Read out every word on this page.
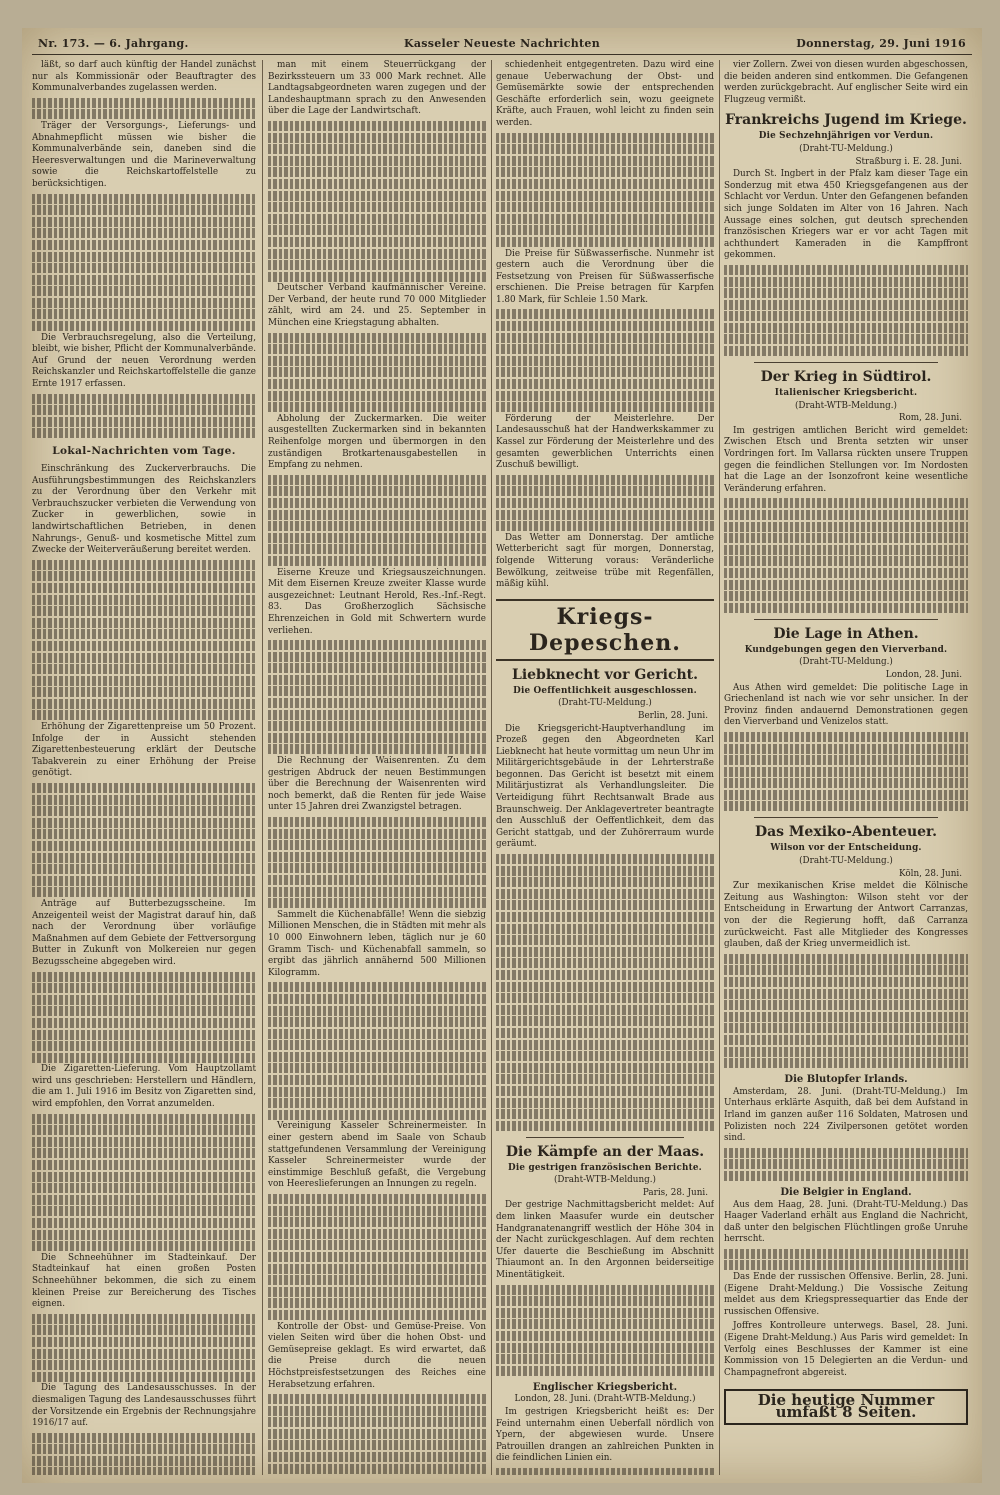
Nr. 173. — 6. Jahrgang.	Kasseler Neueste Nachrichten	Donnerstag, 29. Juni 1916

läßt, so darf auch künftig der Handel zunächst nur als Kommissionär oder Beauftragter des Kommunalverbandes zugelassen werden.

Träger der Versorgungs-, Lieferungs- und Abnahmepflicht müssen wie bisher die Kommunalverbände sein, daneben sind die Heeresverwaltungen und die Marineverwaltung sowie die Reichskartoffelstelle zu berücksichtigen.

Die Verbrauchsregelung, also die Verteilung, bleibt, wie bisher, Pflicht der Kommunalverbände. Auf Grund der neuen Verordnung werden Reichskanzler und Reichskartoffelstelle die ganze Ernte 1917 erfassen.

Lokal-Nachrichten vom Tage.

Einschränkung des Zuckerverbrauchs. Die Ausführungsbestimmungen des Reichskanzlers zu der Verordnung über den Verkehr mit Verbrauchszucker verbieten die Verwendung von Zucker in gewerblichen, sowie in landwirtschaftlichen Betrieben, in denen Nahrungs-, Genuß- und kosmetische Mittel zum Zwecke der Weiterveräußerung bereitet werden.

Erhöhung der Zigarettenpreise um 50 Prozent. Infolge der in Aussicht stehenden Zigarettenbesteuerung erklärt der Deutsche Tabakverein zu einer Erhöhung der Preise genötigt.

Anträge auf Butterbezugsscheine. Im Anzeigenteil weist der Magistrat darauf hin, daß nach der Verordnung über vorläufige Maßnahmen auf dem Gebiete der Fettversorgung Butter in Zukunft von Molkereien nur gegen Bezugsscheine abgegeben wird.

Die Zigaretten-Lieferung. Vom Hauptzollamt wird uns geschrieben: Herstellern und Händlern, die am 1. Juli 1916 im Besitz von Zigaretten sind, wird empfohlen, den Vorrat anzumelden.

Die Schneehühner im Stadteinkauf. Der Stadteinkauf hat einen großen Posten Schneehühner bekommen, die sich zu einem kleinen Preise zur Bereicherung des Tisches eignen.

Die Tagung des Landesausschusses. In der diesmaligen Tagung des Landesausschusses führt der Vorsitzende ein Ergebnis der Rechnungsjahre 1916/17 auf.

man mit einem Steuerrückgang der Bezirkssteuern um 33 000 Mark rechnet. Alle Landtagsabgeordneten waren zugegen und der Landeshauptmann sprach zu den Anwesenden über die Lage der Landwirtschaft.

Deutscher Verband kaufmännischer Vereine. Der Verband, der heute rund 70 000 Mitglieder zählt, wird am 24. und 25. September in München eine Kriegstagung abhalten.

Abholung der Zuckermarken. Die weiter ausgestellten Zuckermarken sind in bekannten Reihenfolge morgen und übermorgen in den zuständigen Brotkartenausgabestellen in Empfang zu nehmen.

Eiserne Kreuze und Kriegsauszeichnungen. Mit dem Eisernen Kreuze zweiter Klasse wurde ausgezeichnet: Leutnant Herold, Res.-Inf.-Regt. 83. Das Großherzoglich Sächsische Ehrenzeichen in Gold mit Schwertern wurde verliehen.

Die Rechnung der Waisenrenten. Zu dem gestrigen Abdruck der neuen Bestimmungen über die Berechnung der Waisenrenten wird noch bemerkt, daß die Renten für jede Waise unter 15 Jahren drei Zwanzigstel betragen.

Sammelt die Küchenabfälle! Wenn die siebzig Millionen Menschen, die in Städten mit mehr als 10 000 Einwohnern leben, täglich nur je 60 Gramm Tisch- und Küchenabfall sammeln, so ergibt das jährlich annähernd 500 Millionen Kilogramm.

Vereinigung Kasseler Schreinermeister. In einer gestern abend im Saale von Schaub stattgefundenen Versammlung der Vereinigung Kasseler Schreinermeister wurde der einstimmige Beschluß gefaßt, die Vergebung von Heereslieferungen an Innungen zu regeln.

Kontrolle der Obst- und Gemüse-Preise. Von vielen Seiten wird über die hohen Obst- und Gemüsepreise geklagt. Es wird erwartet, daß die Preise durch die neuen Höchstpreisfestsetzungen des Reiches eine Herabsetzung erfahren.

schiedenheit entgegentreten. Dazu wird eine genaue Ueberwachung der Obst- und Gemüsemärkte sowie der entsprechenden Geschäfte erforderlich sein, wozu geeignete Kräfte, auch Frauen, wohl leicht zu finden sein werden.

Die Preise für Süßwasserfische. Nunmehr ist gestern auch die Verordnung über die Festsetzung von Preisen für Süßwasserfische erschienen. Die Preise betragen für Karpfen 1.80 Mark, für Schleie 1.50 Mark.

Förderung der Meisterlehre. Der Landesausschuß hat der Handwerkskammer zu Kassel zur Förderung der Meisterlehre und des gesamten gewerblichen Unterrichts einen Zuschuß bewilligt.

Das Wetter am Donnerstag. Der amtliche Wetterbericht sagt für morgen, Donnerstag, folgende Witterung voraus: Veränderliche Bewölkung, zeitweise trübe mit Regenfällen, mäßig kühl.

Kriegs-Depeschen.
Liebknecht vor Gericht.
Die Oeffentlichkeit ausgeschlossen.
(Draht-TU-Meldung.)
Berlin, 28. Juni.

Die Kriegsgericht-Hauptverhandlung im Prozeß gegen den Abgeordneten Karl Liebknecht hat heute vormittag um neun Uhr im Militärgerichtsgebäude in der Lehrterstraße begonnen. Das Gericht ist besetzt mit einem Militärjustizrat als Verhandlungsleiter. Die Verteidigung führt Rechtsanwalt Brade aus Braunschweig. Der Anklagevertreter beantragte den Ausschluß der Oeffentlichkeit, dem das Gericht stattgab, und der Zuhörerraum wurde geräumt.

Die Kämpfe an der Maas.
Die gestrigen französischen Berichte.
(Draht-WTB-Meldung.)
Paris, 28. Juni.

Der gestrige Nachmittagsbericht meldet: Auf dem linken Maasufer wurde ein deutscher Handgranatenangriff westlich der Höhe 304 in der Nacht zurückgeschlagen. Auf dem rechten Ufer dauerte die Beschießung im Abschnitt Thiaumont an. In den Argonnen beiderseitige Minentätigkeit.

Englischer Kriegsbericht.
London, 28. Juni. (Draht-WTB-Meldung.)

Im gestrigen Kriegsbericht heißt es: Der Feind unternahm einen Ueberfall nördlich von Ypern, der abgewiesen wurde. Unsere Patrouillen drangen an zahlreichen Punkten in die feindlichen Linien ein.

vier Zollern. Zwei von diesen wurden abgeschossen, die beiden anderen sind entkommen. Die Gefangenen werden zurückgebracht. Auf englischer Seite wird ein Flugzeug vermißt.

Frankreichs Jugend im Kriege.
Die Sechzehnjährigen vor Verdun.
(Draht-TU-Meldung.)
Straßburg i. E. 28. Juni.

Durch St. Ingbert in der Pfalz kam dieser Tage ein Sonderzug mit etwa 450 Kriegsgefangenen aus der Schlacht vor Verdun. Unter den Gefangenen befanden sich junge Soldaten im Alter von 16 Jahren. Nach Aussage eines solchen, gut deutsch sprechenden französischen Kriegers war er vor acht Tagen mit achthundert Kameraden in die Kampffront gekommen.

Der Krieg in Südtirol.
Italienischer Kriegsbericht.
(Draht-WTB-Meldung.)
Rom, 28. Juni.

Im gestrigen amtlichen Bericht wird gemeldet: Zwischen Etsch und Brenta setzten wir unser Vordringen fort. Im Vallarsa rückten unsere Truppen gegen die feindlichen Stellungen vor. Im Nordosten hat die Lage an der Isonzofront keine wesentliche Veränderung erfahren.

Die Lage in Athen.
Kundgebungen gegen den Vierverband.
(Draht-TU-Meldung.)
London, 28. Juni.

Aus Athen wird gemeldet: Die politische Lage in Griechenland ist nach wie vor sehr unsicher. In der Provinz finden andauernd Demonstrationen gegen den Vierverband und Venizelos statt.

Das Mexiko-Abenteuer.
Wilson vor der Entscheidung.
(Draht-TU-Meldung.)
Köln, 28. Juni.

Zur mexikanischen Krise meldet die Kölnische Zeitung aus Washington: Wilson steht vor der Entscheidung in Erwartung der Antwort Carranzas, von der die Regierung hofft, daß Carranza zurückweicht. Fast alle Mitglieder des Kongresses glauben, daß der Krieg unvermeidlich ist.

Die Blutopfer Irlands.

Amsterdam, 28. Juni. (Draht-TU-Meldung.) Im Unterhaus erklärte Asquith, daß bei dem Aufstand in Irland im ganzen außer 116 Soldaten, Matrosen und Polizisten noch 224 Zivilpersonen getötet worden sind.

Die Belgier in England.

Aus dem Haag, 28. Juni. (Draht-TU-Meldung.) Das Haager Vaderland erhält aus England die Nachricht, daß unter den belgischen Flüchtlingen große Unruhe herrscht.

Das Ende der russischen Offensive. Berlin, 28. Juni. (Eigene Draht-Meldung.) Die Vossische Zeitung meldet aus dem Kriegspressequartier das Ende der russischen Offensive.

Joffres Kontrolleure unterwegs. Basel, 28. Juni. (Eigene Draht-Meldung.) Aus Paris wird gemeldet: In Verfolg eines Beschlusses der Kammer ist eine Kommission von 15 Delegierten an die Verdun- und Champagnefront abgereist.

Die heutige Nummer umfaßt 8 Seiten.
